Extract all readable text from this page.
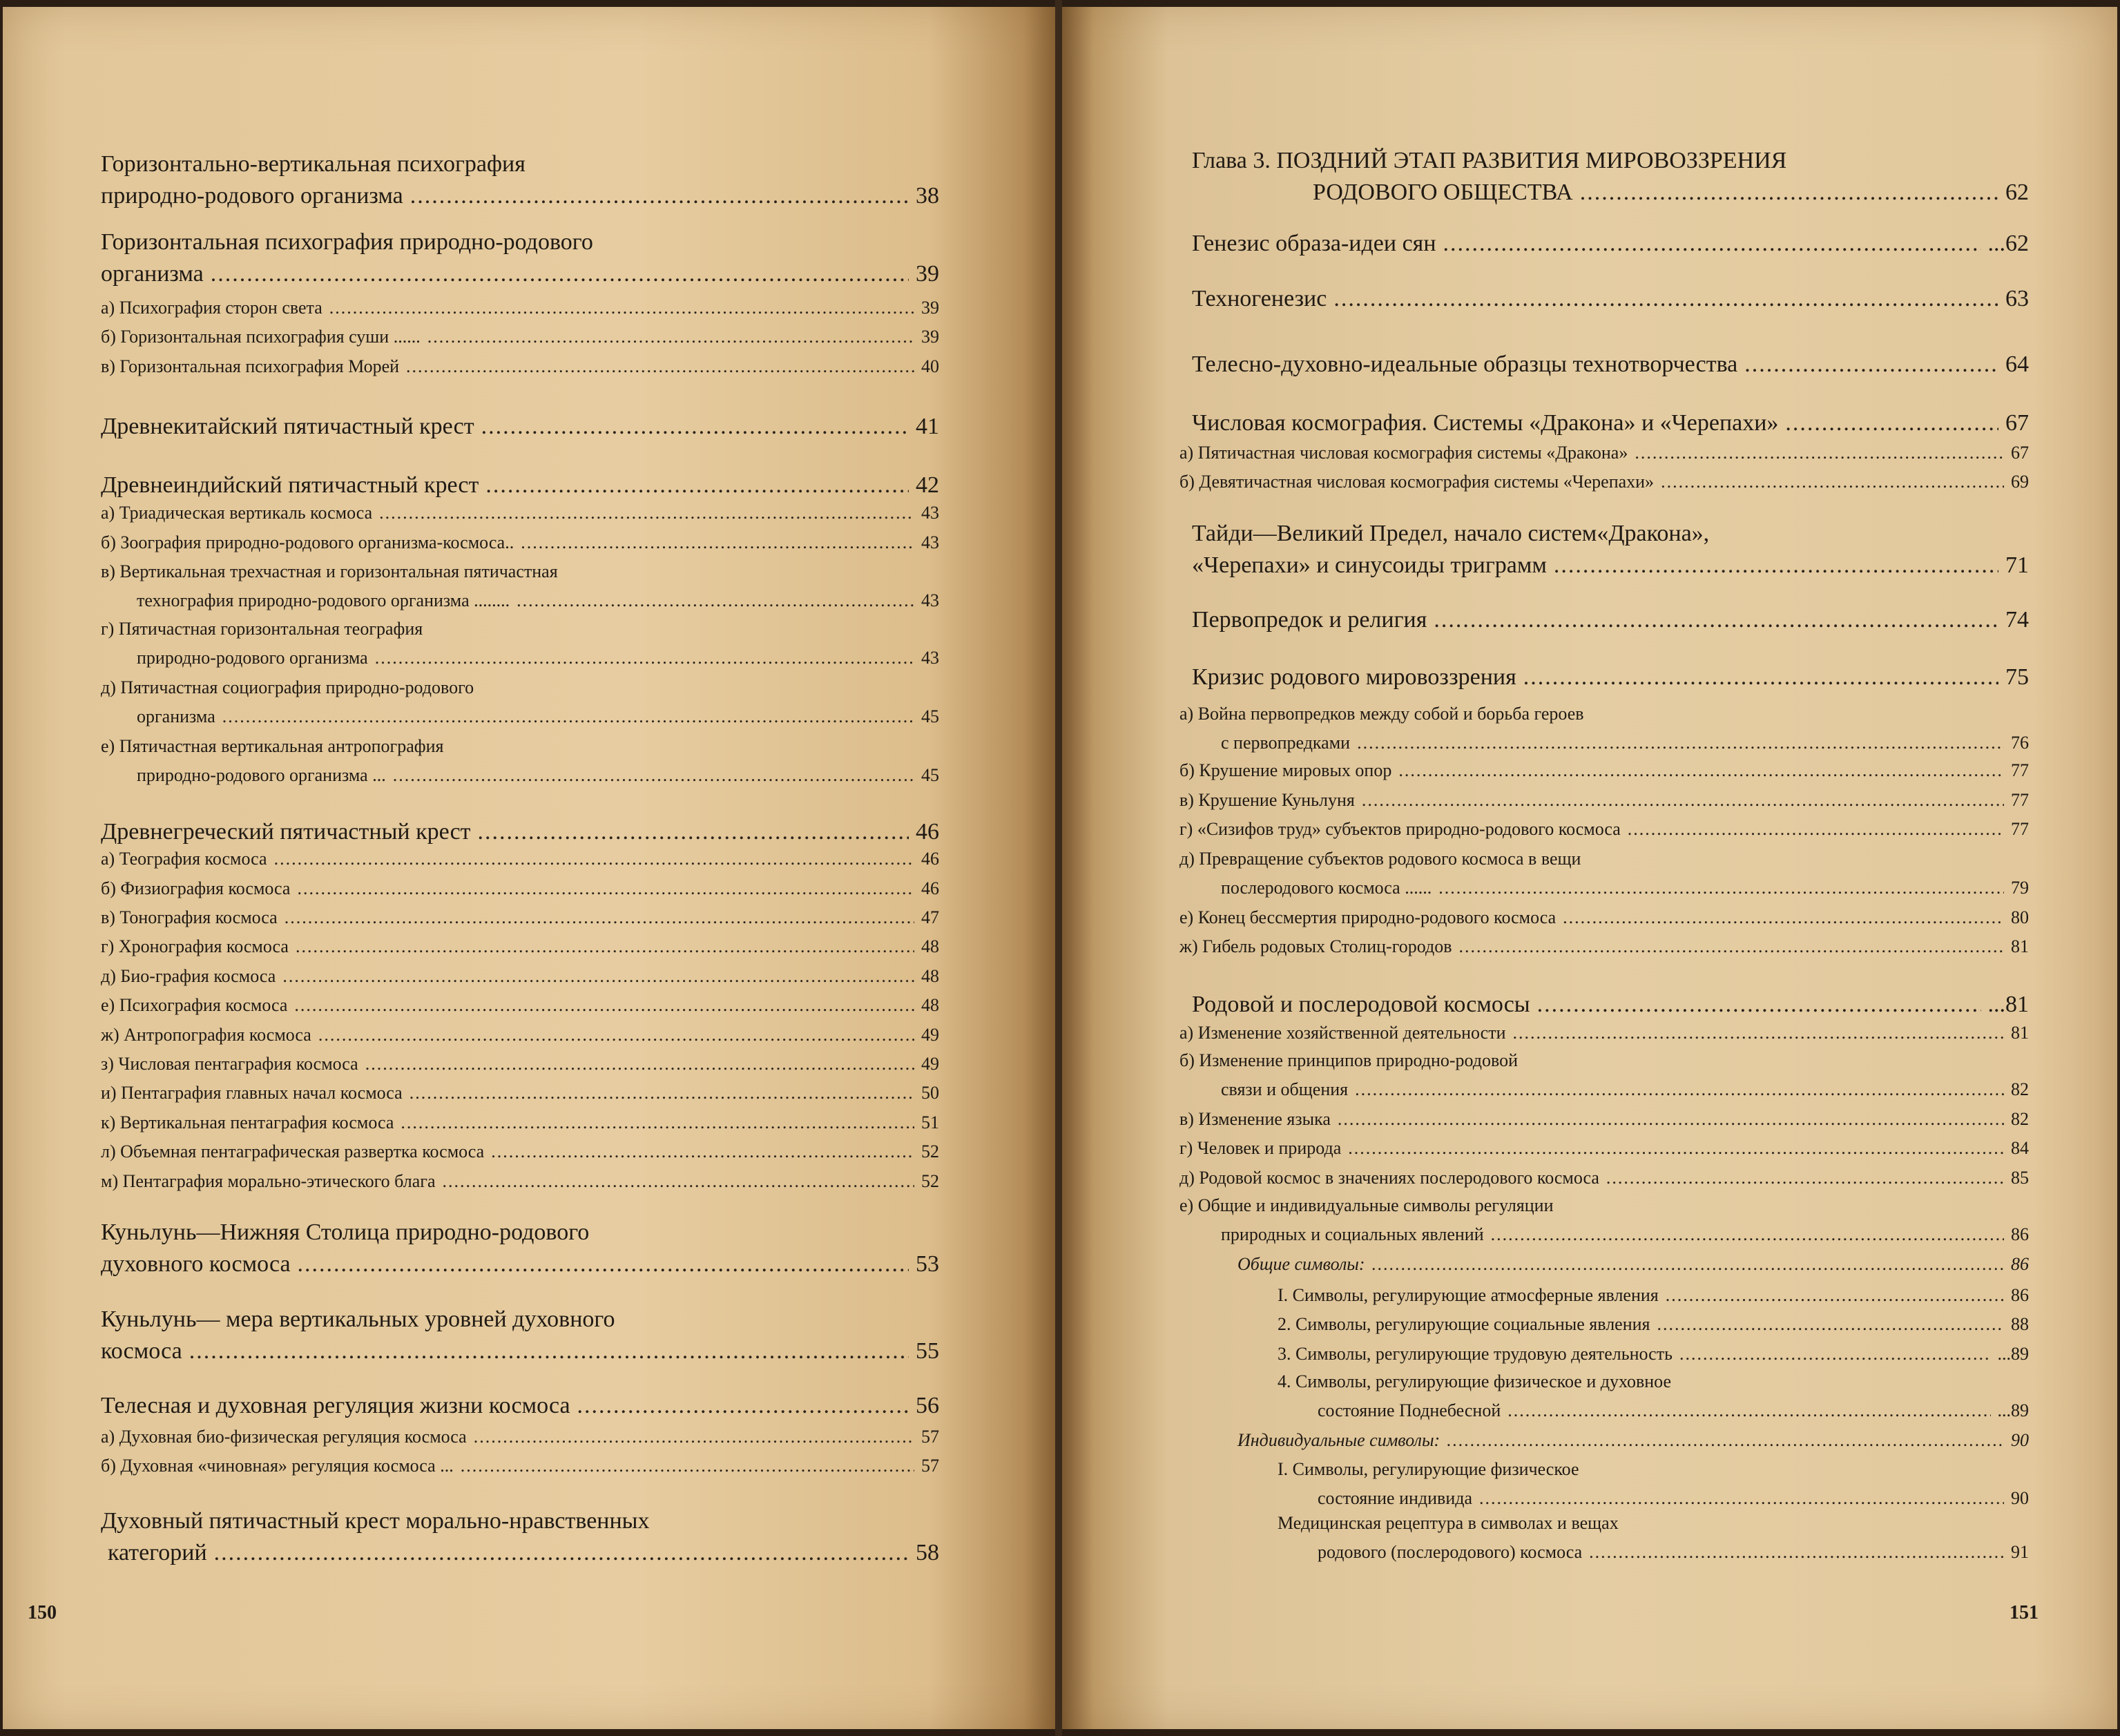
Горизонтально-вертикальная психография
природно-родового организма .....	38
Горизонтальная психография природно-родового
организма .....	39
а) Психография сторон света .....	39
б) Горизонтальная психография суши ...... .....	39
в) Горизонтальная психография Морей .....	40
Древнекитайский пятичастный крест .....	41
Древнеиндийский пятичастный крест .....	42
а) Триадическая вертикаль космоса .....	43
б) Зоография природно-родового организма-космоса.. .....	43
в) Вертикальная трехчастная и горизонтальная пятичастная
технография природно-родового организма ........ .....	43
г) Пятичастная горизонтальная теография
природно-родового организма .....	43
д) Пятичастная социография природно-родового
организма .....	45
е) Пятичастная вертикальная антропография
природно-родового организма ... .....	45
Древнегреческий пятичастный крест .....	46
а) Теография космоса .....	46
б) Физиография космоса .....	46
в) Тонография космоса .....	47
г) Хронография космоса .....	48
д) Био-графия космоса .....	48
е) Психография космоса .....	48
ж) Антропография космоса .....	49
з) Числовая пентаграфия космоса .....	49
и) Пентаграфия главных начал космоса .....	50
к) Вертикальная пентаграфия космоса .....	51
л) Объемная пентаграфическая развертка космоса .....	52
м) Пентаграфия морально-этического блага .....	52
Куньлунь—Нижняя Столица природно-родового
духовного космоса .....	53
Куньлунь— мера вертикальных уровней духовного
космоса .....	55
Телесная и духовная регуляция жизни космоса .....	56
а) Духовная био-физическая регуляция космоса .....	57
б) Духовная «чиновная» регуляция космоса ... .....	57
Духовный пятичастный крест морально-нравственных
категорий .....	58
150
Глава 3. ПОЗДНИЙ ЭТАП РАЗВИТИЯ МИРОВОЗЗРЕНИЯ
РОДОВОГО ОБЩЕСТВА .....	62
Генезис образа-идеи сян .....	...62
Техногенезис .....	63
Телесно-духовно-идеальные образцы технотворчества .....	64
Числовая космография. Системы «Дракона» и «Черепахи» .....	67
а) Пятичастная числовая космография системы «Дракона» .....	67
б) Девятичастная числовая космография системы «Черепахи» .....	69
Тайди—Великий Предел, начало систем«Дракона»,
«Черепахи» и синусоиды триграмм .....	71
Первопредок и религия .....	74
Кризис родового мировоззрения .....	75
а) Война первопредков между собой и борьба героев
с первопредками .....	76
б) Крушение мировых опор .....	77
в) Крушение Куньлуня .....	77
г) «Сизифов труд» субъектов природно-родового космоса .....	77
д) Превращение субъектов родового космоса в вещи
послеродового космоса ...... .....	79
е) Конец бессмертия природно-родового космоса .....	80
ж) Гибель родовых Столиц-городов .....	81
Родовой и послеродовой космосы .....	...81
а) Изменение хозяйственной деятельности .....	81
б) Изменение принципов природно-родовой
связи и общения .....	82
в) Изменение языка .....	82
г) Человек и природа .....	84
д) Родовой космос в значениях послеродового космоса .....	85
е) Общие и индивидуальные символы регуляции
природных и социальных явлений .....	86
Общие символы: .....	86
I. Символы, регулирующие атмосферные явления .....	86
2. Символы, регулирующие социальные явления .....	88
3. Символы, регулирующие трудовую деятельность .....	...89
4. Символы, регулирующие физическое и духовное
состояние Поднебесной .....	...89
Индивидуальные символы: .....	90
I. Символы, регулирующие физическое
состояние индивида .....	90
Медицинская рецептура в символах и вещах
родового (послеродового) космоса .....	91
151
